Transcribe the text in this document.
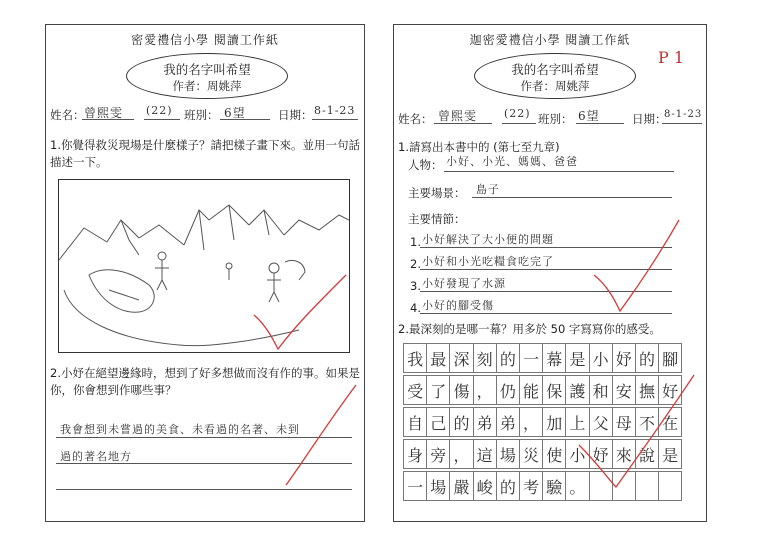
密愛禮信小學 閱讀工作紙
我的名字叫希望
作者：周姚萍
姓名： 曾熙雯 (22) 班別： 6望	日期： 8-1-23
1.你覺得救災現場是什麼樣子？請把樣子畫下來。並用一句話描述一下。
2.小妤在絕望邊緣時，想到了好多想做而沒有作的事。如果是你，你會想到作哪些事？
我會想到未嘗過的美食、未看過的名著、未到
過的著名地方
迦密愛禮信小學 閱讀工作紙
我的名字叫希望
作者：周姚萍
姓名： 曾熙雯 (22) 班別： 6望	日期：
8-1-23
1.請寫出本書中的 (第七至九章)
人物： 小好、小光、媽媽、爸爸
主要場景： 島子
主要情節：
1. 小好解決了大小便的問題
2. 小好和小光吃糧食吃完了
3. 小好發現了水源
4. 小好的腳受傷
2.最深刻的是哪一幕？用多於 50 字寫寫你的感受。
我 最 深 刻 的 一 幕 是 小 妤 的 腳
受 了 傷 ， 仍 能 保 護 和 安 撫 好
自 己 的 弟 弟 ， 加 上 父 母 不 在
身 旁 ， 這 場 災 使 小 妤 來 說 是
一 場 嚴 峻 的 考 驗 。
P 1
